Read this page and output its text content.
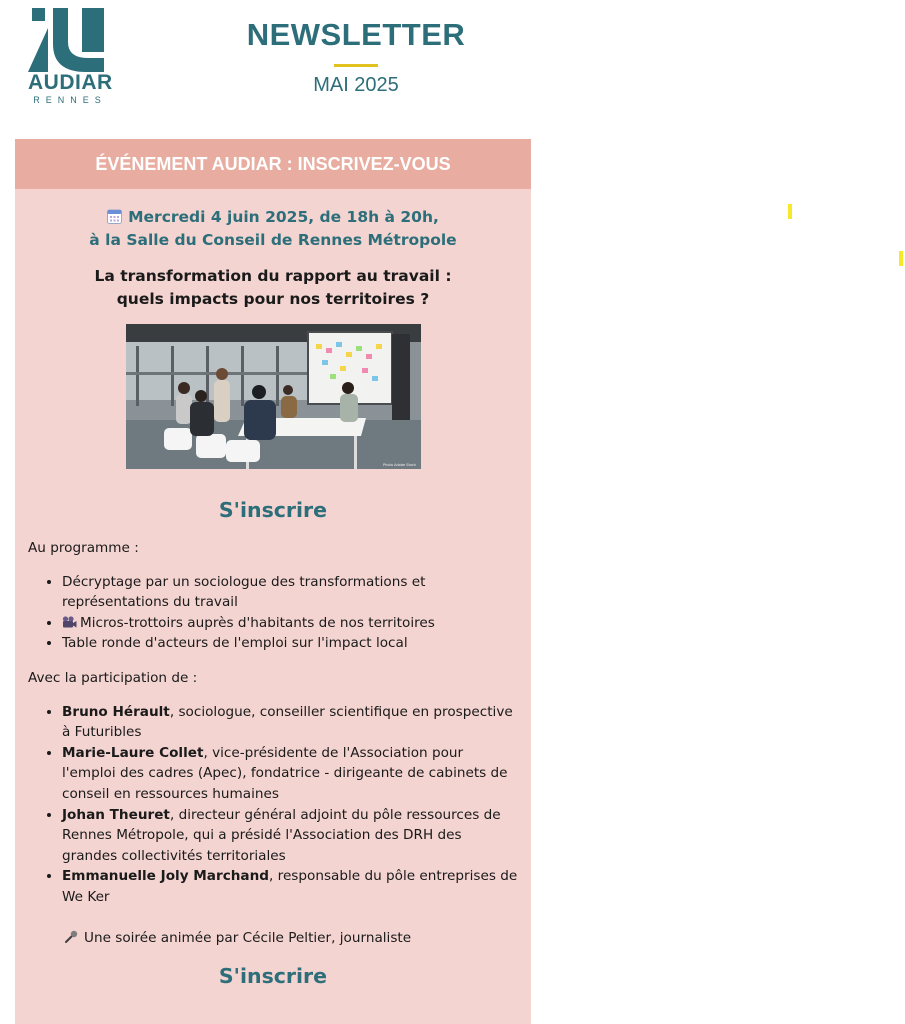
AUDIAR
RENNES
NEWSLETTER
MAI 2025
ÉVÉNEMENT AUDIAR : INSCRIVEZ-VOUS
Mercredi 4 juin 2025, de 18h à 20h,
à la Salle du Conseil de Rennes Métropole
La transformation du rapport au travail :
quels impacts pour nos territoires ?
Photo Adobe Stock
S'inscrire
Au programme :
• Décryptage par un sociologue des transformations et représentations du travail
• Micros-trottoirs auprès d'habitants de nos territoires
• Table ronde d'acteurs de l'emploi sur l'impact local
Avec la participation de :
• Bruno Hérault, sociologue, conseiller scientifique en prospective à Futuribles
• Marie-Laure Collet, vice-présidente de l'Association pour l'emploi des cadres (Apec), fondatrice - dirigeante de cabinets de conseil en ressources humaines
• Johan Theuret, directeur général adjoint du pôle ressources de Rennes Métropole, qui a présidé l'Association des DRH des grandes collectivités territoriales
• Emmanuelle Joly Marchand, responsable du pôle entreprises de We Ker
Une soirée animée par Cécile Peltier, journaliste
S'inscrire
